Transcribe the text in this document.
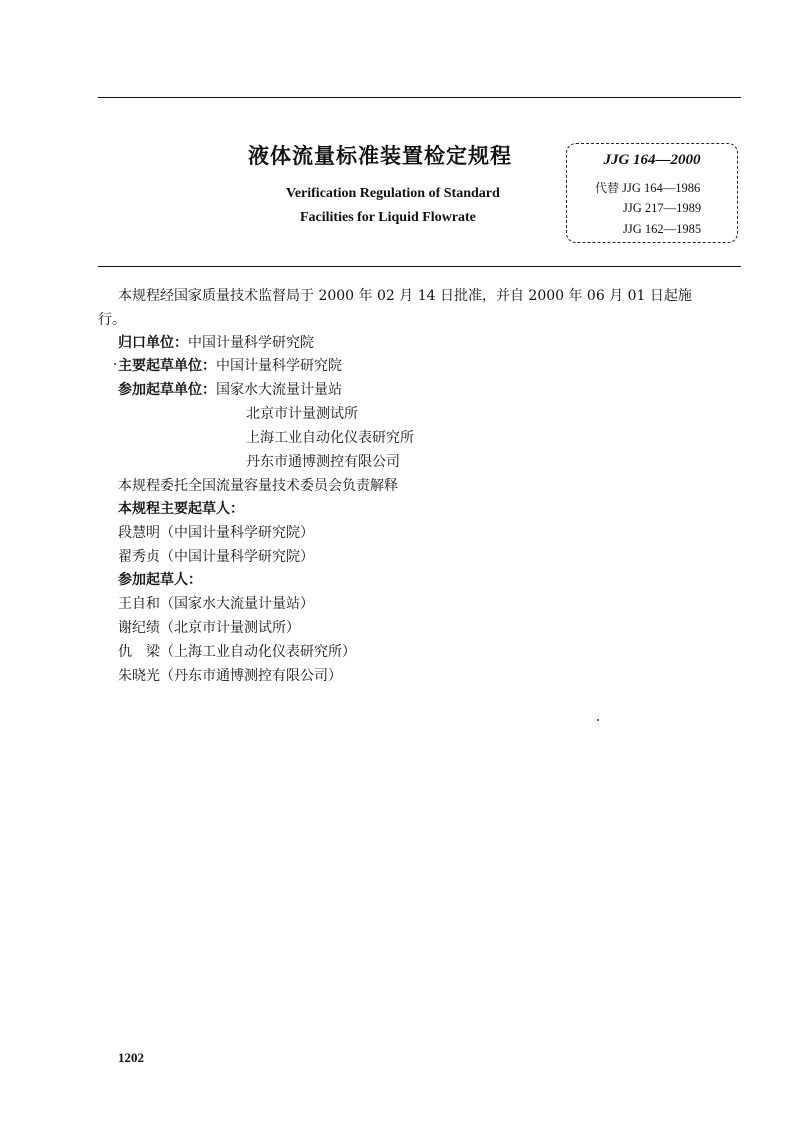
液体流量标准装置检定规程
Verification Regulation of Standard
Facilities for Liquid Flowrate
JJG 164—2000
代替 JJG 164—1986
JJG 217—1989
JJG 162—1985
本规程经国家质量技术监督局于 2000 年 02 月 14 日批准，并自 2000 年 06 月 01 日起施
行。
归口单位：中国计量科学研究院
主要起草单位：中国计量科学研究院
参加起草单位：国家水大流量计量站
北京市计量测试所
上海工业自动化仪表研究所
丹东市通博测控有限公司
本规程委托全国流量容量技术委员会负责解释
本规程主要起草人：
段慧明（中国计量科学研究院）
翟秀贞（中国计量科学研究院）
参加起草人：
王自和（国家水大流量计量站）
谢纪绩（北京市计量测试所）
仇　梁（上海工业自动化仪表研究所）
朱晓光（丹东市通博测控有限公司）
1202
